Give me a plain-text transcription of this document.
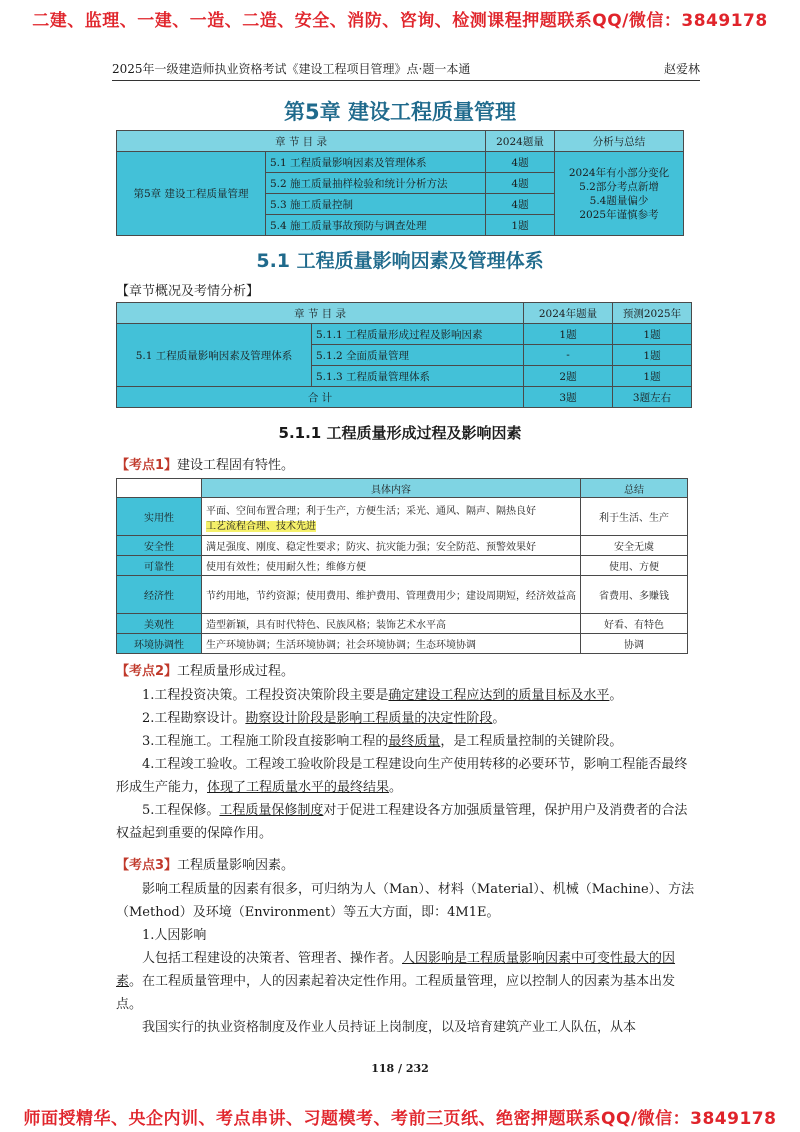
二建、监理、一建、一造、二造、安全、消防、咨询、检测课程押题联系QQ/微信：3849178
2025年一级建造师执业资格考试《建设工程项目管理》点·题一本通	赵爱林
第5章 建设工程质量管理
章 节 目 录		2024题量	分析与总结
第5章 建设工程质量管理	5.1 工程质量影响因素及管理体系	4题	2024年有小部分变化
5.2部分考点新增
5.4题量偏少
2025年谨慎参考

	5.2 施工质量抽样检验和统计分析方法	4题	
	5.3 施工质量控制	4题	
	5.4 施工质量事故预防与调查处理	1题	
5.1 工程质量影响因素及管理体系
【章节概况及考情分析】
章 节 目 录		2024年题量	预测2025年
5.1 工程质量影响因素及管理体系	5.1.1 工程质量形成过程及影响因素	1题	1题
	5.1.2 全面质量管理	-	1题
	5.1.3 工程质量管理体系	2题	1题
合 计		3题	3题左右
5.1.1 工程质量形成过程及影响因素
【考点1】建设工程固有特性。
	具体内容	总结
实用性	平面、空间布置合理；利于生产，方便生活；采光、通风、隔声、隔热良好
工艺流程合理、技术先进	利于生活、生产
安全性	满足强度、刚度、稳定性要求；防灾、抗灾能力强；安全防范、预警效果好	安全无虞
可靠性	使用有效性；使用耐久性；维修方便	使用、方便
经济性	节约用地，节约资源；使用费用、维护费用、管理费用少；建设周期短，经济效益高	省费用、多赚钱
美观性	造型新颖，具有时代特色、民族风格；装饰艺术水平高	好看、有特色
环境协调性	生产环境协调；生活环境协调；社会环境协调；生态环境协调	协调
【考点2】工程质量形成过程。

1.工程投资决策。工程投资决策阶段主要是确定建设工程应达到的质量目标及水平。

2.工程勘察设计。勘察设计阶段是影响工程质量的决定性阶段。

3.工程施工。工程施工阶段直接影响工程的最终质量，是工程质量控制的关键阶段。

4.工程竣工验收。工程竣工验收阶段是工程建设向生产使用转移的必要环节，影响工程能否最终形成生产能力，体现了工程质量水平的最终结果。

5.工程保修。工程质量保修制度对于促进工程建设各方加强质量管理，保护用户及消费者的合法权益起到重要的保障作用。

【考点3】工程质量影响因素。

影响工程质量的因素有很多，可归纳为人（Man）、材料（Material）、机械（Machine）、方法（Method）及环境（Environment）等五大方面，即：4M1E。

1.人因影响

人包括工程建设的决策者、管理者、操作者。人因影响是工程质量影响因素中可变性最大的因素。在工程质量管理中，人的因素起着决定性作用。工程质量管理，应以控制人的因素为基本出发点。

我国实行的执业资格制度及作业人员持证上岗制度，以及培育建筑产业工人队伍，从本

118 / 232
师面授精华、央企内训、考点串讲、习题模考、考前三页纸、绝密押题联系QQ/微信：3849178
